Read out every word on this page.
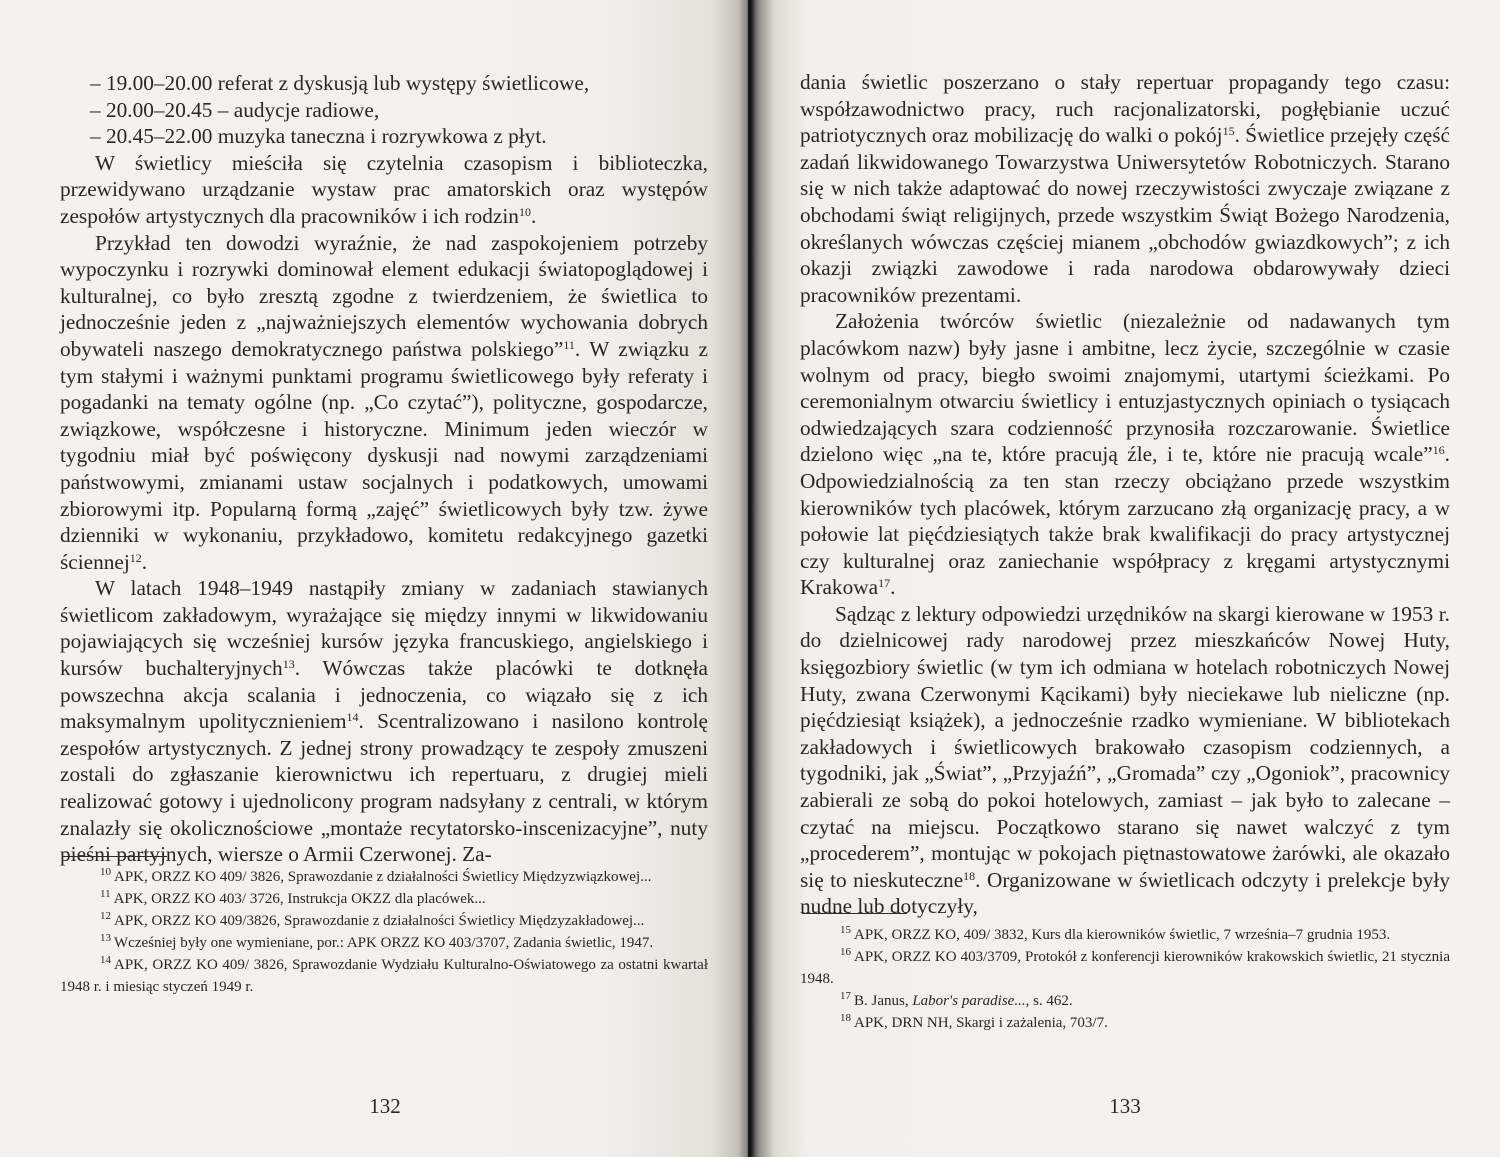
– 19.00–20.00 referat z dyskusją lub występy świetlicowe,

– 20.00–20.45 – audycje radiowe,

– 20.45–22.00 muzyka taneczna i rozrywkowa z płyt.

W świetlicy mieściła się czytelnia czasopism i biblioteczka, przewidywano urządzanie wystaw prac amatorskich oraz występów zespołów artystycznych dla pracowników i ich rodzin$^{10}$.

Przykład ten dowodzi wyraźnie, że nad zaspokojeniem potrzeby wypoczynku i rozrywki dominował element edukacji światopoglądowej i kulturalnej, co było zresztą zgodne z twierdzeniem, że świetlica to jednocześnie jeden z „najważniejszych elementów wychowania dobrych obywateli naszego demokratycznego państwa polskiego”$^{11}$. W związku z tym stałymi i ważnymi punktami programu świetlicowego były referaty i pogadanki na tematy ogólne (np. „Co czytać”), polityczne, gospodarcze, związkowe, współczesne i historyczne. Minimum jeden wieczór w tygodniu miał być poświęcony dyskusji nad nowymi zarządzeniami państwowymi, zmianami ustaw socjalnych i podatkowych, umowami zbiorowymi itp. Popularną formą „zajęć” świetlicowych były tzw. żywe dzienniki w wykonaniu, przykładowo, komitetu redakcyjnego gazetki ściennej$^{12}$.

W latach 1948–1949 nastąpiły zmiany w zadaniach stawianych świetlicom zakładowym, wyrażające się między innymi w likwidowaniu pojawiających się wcześniej kursów języka francuskiego, angielskiego i kursów buchalteryjnych$^{13}$. Wówczas także placówki te dotknęła powszechna akcja scalania i jednoczenia, co wiązało się z ich maksymalnym upolitycznieniem$^{14}$. Scentralizowano i nasilono kontrolę zespołów artystycznych. Z jednej strony prowadzący te zespoły zmuszeni zostali do zgłaszanie kierownictwu ich repertuaru, z drugiej mieli realizować gotowy i ujednolicony program nadsyłany z centrali, w którym znalazły się okolicznościowe „montaże recytatorsko-inscenizacyjne”, nuty pieśni partyjnych, wiersze o Armii Czerwonej. Za-

$^{10}$ APK, ORZZ KO 409/ 3826, Sprawozdanie z działalności Świetlicy Międzyzwiązkowej...

$^{11}$ APK, ORZZ KO 403/ 3726, Instrukcja OKZZ dla placówek...

$^{12}$ APK, ORZZ KO 409/3826, Sprawozdanie z działalności Świetlicy Międzyzakładowej...

$^{13}$ Wcześniej były one wymieniane, por.: APK ORZZ KO 403/3707, Zadania świetlic, 1947.

$^{14}$ APK, ORZZ KO 409/ 3826, Sprawozdanie Wydziału Kulturalno-Oświatowego za ostatni kwartał 1948 r. i miesiąc styczeń 1949 r.

132

dania świetlic poszerzano o stały repertuar propagandy tego czasu: współzawodnictwo pracy, ruch racjonalizatorski, pogłębianie uczuć patriotycznych oraz mobilizację do walki o pokój$^{15}$. Świetlice przejęły część zadań likwidowanego Towarzystwa Uniwersytetów Robotniczych. Starano się w nich także adaptować do nowej rzeczywistości zwyczaje związane z obchodami świąt religijnych, przede wszystkim Świąt Bożego Narodzenia, określanych wówczas częściej mianem „obchodów gwiazdkowych”; z ich okazji związki zawodowe i rada narodowa obdarowywały dzieci pracowników prezentami.

Założenia twórców świetlic (niezależnie od nadawanych tym placówkom nazw) były jasne i ambitne, lecz życie, szczególnie w czasie wolnym od pracy, biegło swoimi znajomymi, utartymi ścieżkami. Po ceremonialnym otwarciu świetlicy i entuzjastycznych opiniach o tysiącach odwiedzających szara codzienność przynosiła rozczarowanie. Świetlice dzielono więc „na te, które pracują źle, i te, które nie pracują wcale”$^{16}$. Odpowiedzialnością za ten stan rzeczy obciążano przede wszystkim kierowników tych placówek, którym zarzucano złą organizację pracy, a w połowie lat pięćdziesiątych także brak kwalifikacji do pracy artystycznej czy kulturalnej oraz zaniechanie współpracy z kręgami artystycznymi Krakowa$^{17}$.

Sądząc z lektury odpowiedzi urzędników na skargi kierowane w 1953 r. do dzielnicowej rady narodowej przez mieszkańców Nowej Huty, księgozbiory świetlic (w tym ich odmiana w hotelach robotniczych Nowej Huty, zwana Czerwonymi Kącikami) były nieciekawe lub nieliczne (np. pięćdziesiąt książek), a jednocześnie rzadko wymieniane. W bibliotekach zakładowych i świetlicowych brakowało czasopism codziennych, a tygodniki, jak „Świat”, „Przyjaźń”, „Gromada” czy „Ogoniok”, pracownicy zabierali ze sobą do pokoi hotelowych, zamiast – jak było to zalecane – czytać na miejscu. Początkowo starano się nawet walczyć z tym „procederem”, montując w pokojach piętnastowatowe żarówki, ale okazało się to nieskuteczne$^{18}$. Organizowane w świetlicach odczyty i prelekcje były nudne lub dotyczyły,

$^{15}$ APK, ORZZ KO, 409/ 3832, Kurs dla kierowników świetlic, 7 września–7 grudnia 1953.

$^{16}$ APK, ORZZ KO 403/3709, Protokół z konferencji kierowników krakowskich świetlic, 21 stycznia 1948.

$^{17}$ B. Janus, Labor's paradise..., s. 462.

$^{18}$ APK, DRN NH, Skargi i zażalenia, 703/7.

133
